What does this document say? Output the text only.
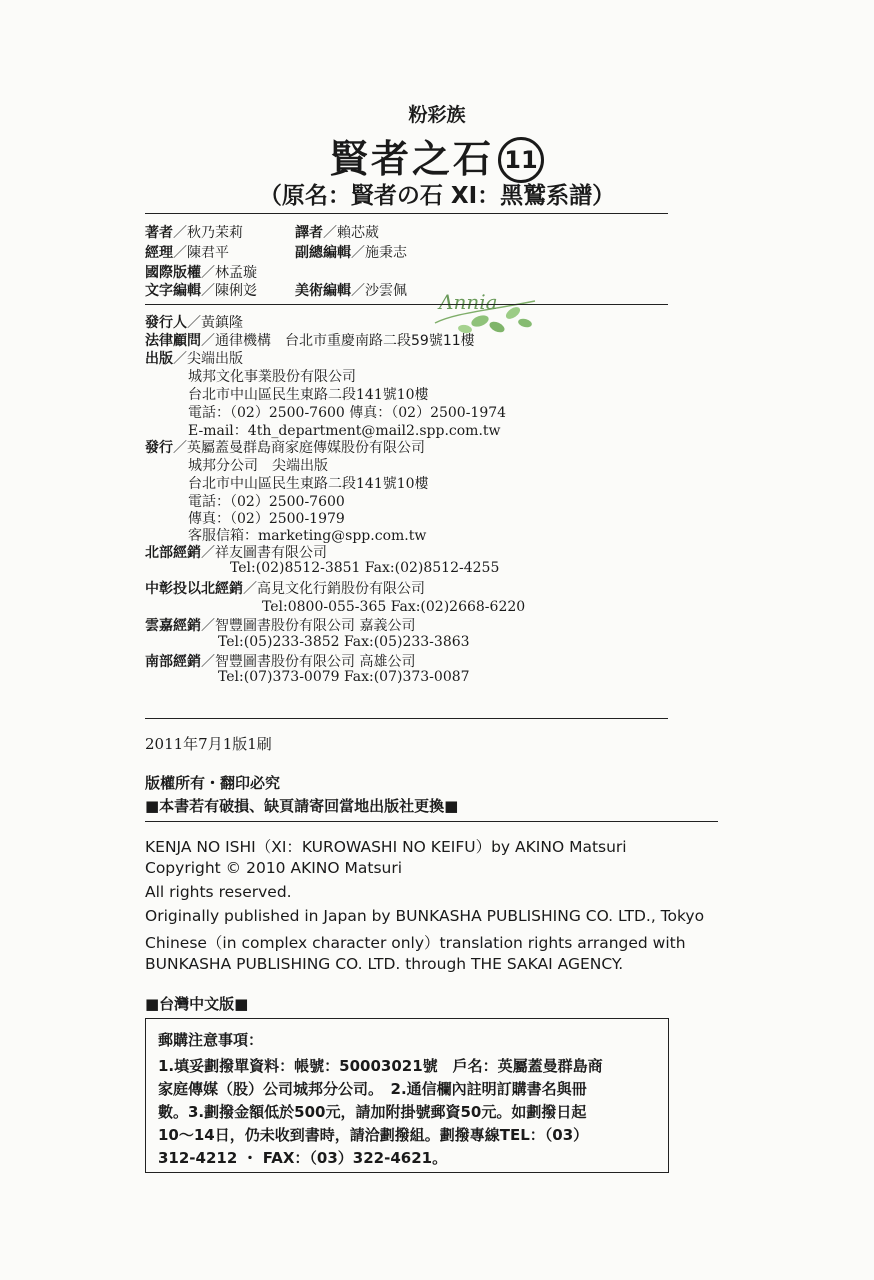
粉彩族
賢者之石 11
（原名：賢者の石 XI：黑鷲系譜）
著者／秋乃茉莉	譯者／賴芯葳
經理／陳君平	副總編輯／施秉志
國際版權／林孟璇
文字編輯／陳俐彣	美術編輯／沙雲佩 Annia
發行人／黃鎮隆
法律顧問／通律機構　台北市重慶南路二段59號11樓
出版／尖端出版
城邦文化事業股份有限公司
台北市中山區民生東路二段141號10樓
電話：（02）2500-7600 傳真：（02）2500-1974
E-mail：4th_department@mail2.spp.com.tw
發行／英屬蓋曼群島商家庭傳媒股份有限公司
城邦分公司　尖端出版
台北市中山區民生東路二段141號10樓
電話：（02）2500-7600
傳真：（02）2500-1979
客服信箱：marketing@spp.com.tw
北部經銷／祥友圖書有限公司
Tel:(02)8512-3851 Fax:(02)8512-4255
中彰投以北經銷／高見文化行銷股份有限公司
Tel:0800-055-365 Fax:(02)2668-6220
雲嘉經銷／智豐圖書股份有限公司 嘉義公司
Tel:(05)233-3852 Fax:(05)233-3863
南部經銷／智豐圖書股份有限公司 高雄公司
Tel:(07)373-0079 Fax:(07)373-0087
2011年7月1版1刷
版權所有・翻印必究
■本書若有破損、缺頁請寄回當地出版社更換■
KENJA NO ISHI（XI：KUROWASHI NO KEIFU）by AKINO Matsuri
Copyright © 2010 AKINO Matsuri
All rights reserved.
Originally published in Japan by BUNKASHA PUBLISHING CO. LTD., Tokyo
Chinese（in complex character only）translation rights arranged with
BUNKASHA PUBLISHING CO. LTD. through THE SAKAI AGENCY.
■台灣中文版■
郵購注意事項：
1.填妥劃撥單資料：帳號：50003021號　戶名：英屬蓋曼群島商
家庭傳媒（股）公司城邦分公司。　2.通信欄內註明訂購書名與冊
數。3.劃撥金額低於500元，請加附掛號郵資50元。如劃撥日起
10〜14日，仍未收到書時，請洽劃撥組。劃撥專線TEL：（03）
312-4212 ・ FAX：（03）322-4621。
